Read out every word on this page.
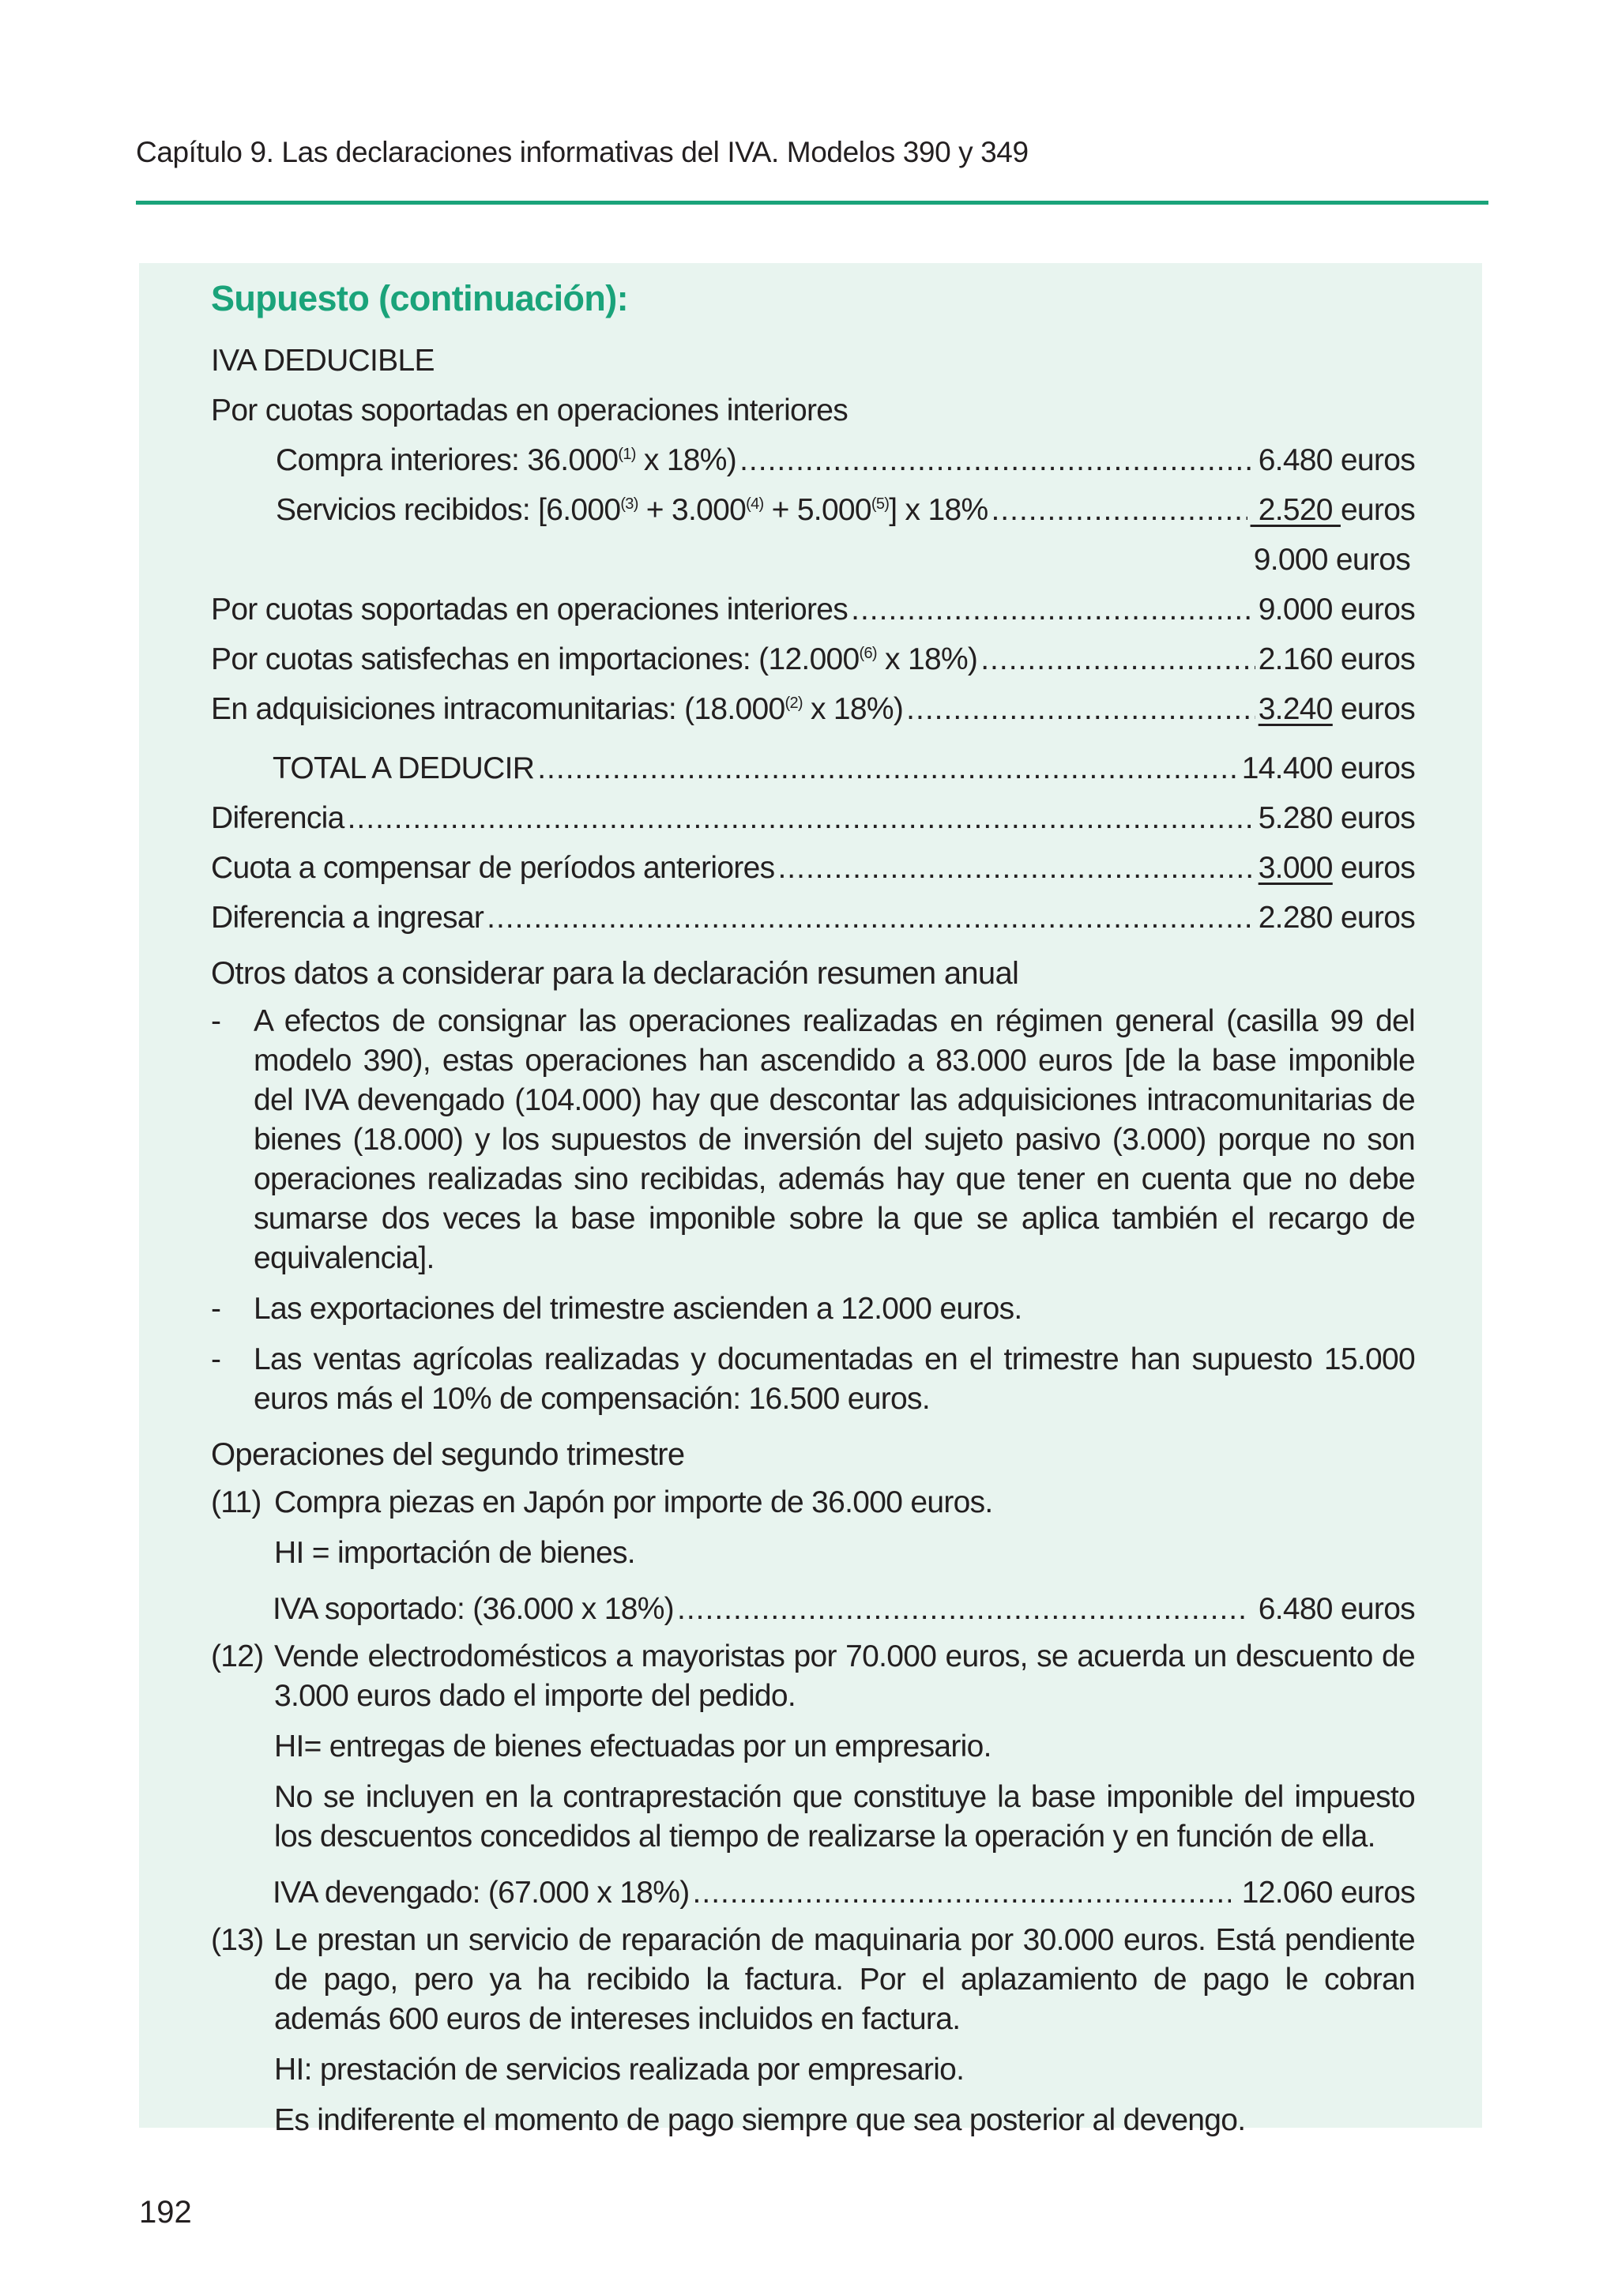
Capítulo 9. Las declaraciones informativas del IVA. Modelos 390 y 349
Supuesto (continuación):
IVA DEDUCIBLE
Por cuotas soportadas en operaciones interiores
Compra interiores: 36.000$^{(1)}$ x 18%) .....	6.480 euros
Servicios recibidos: $[6.000^{(3)} + 3.000^{(4)} + 5.000^{(5)}]$ x 18% .....	2.520 euros
9.000 euros
Por cuotas soportadas en operaciones interiores .....	9.000 euros
Por cuotas satisfechas en importaciones: (12.000$^{(6)}$ x 18%) .....	2.160 euros
En adquisiciones intracomunitarias: (18.000$^{(2)}$ x 18%) .....	3.240 euros
TOTAL A DEDUCIR .....	14.400 euros
Diferencia .....	5.280 euros
Cuota a compensar de períodos anteriores .....	3.000 euros
Diferencia a ingresar .....	2.280 euros
Otros datos a considerar para la declaración resumen anual
-	A efectos de consignar las operaciones realizadas en régimen general (casilla 99 del modelo 390), estas operaciones han ascendido a 83.000 euros [de la base imponible del IVA devengado (104.000) hay que descontar las adquisiciones intracomunitarias de bienes (18.000) y los supuestos de inversión del sujeto pasivo (3.000) porque no son operaciones realizadas sino recibidas, además hay que tener en cuenta que no debe sumarse dos veces la base imponible sobre la que se aplica también el recargo de equivalencia].
-	Las exportaciones del trimestre ascienden a 12.000 euros.
-	Las ventas agrícolas realizadas y documentadas en el trimestre han supuesto 15.000 euros más el 10% de compensación: 16.500 euros.
Operaciones del segundo trimestre
(11) Compra piezas en Japón por importe de 36.000 euros.
HI = importación de bienes.
IVA soportado: (36.000 x 18%) .....	6.480 euros
(12) Vende electrodomésticos a mayoristas por 70.000 euros, se acuerda un descuento de 3.000 euros dado el importe del pedido.
HI= entregas de bienes efectuadas por un empresario.
No se incluyen en la contraprestación que constituye la base imponible del impuesto los descuentos concedidos al tiempo de realizarse la operación y en función de ella.
IVA devengado: (67.000 x 18%) .....	12.060 euros
(13) Le prestan un servicio de reparación de maquinaria por 30.000 euros. Está pendiente de pago, pero ya ha recibido la factura. Por el aplazamiento de pago le cobran además 600 euros de intereses incluidos en factura.
HI: prestación de servicios realizada por empresario.
Es indiferente el momento de pago siempre que sea posterior al devengo.
192
